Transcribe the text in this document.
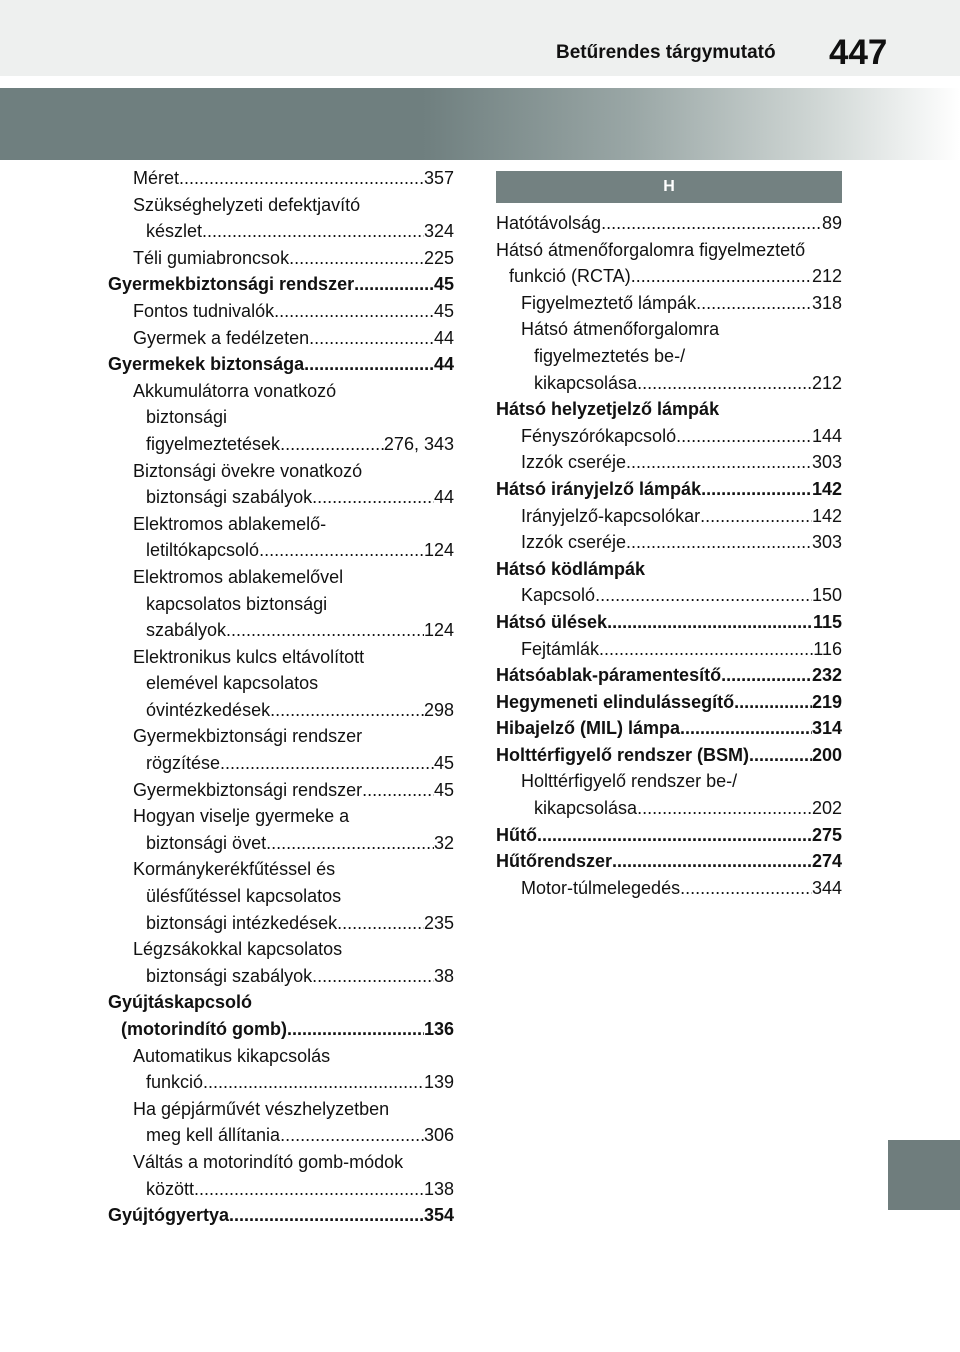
Betűrendes tárgymutató 447
Méret .....	357
Szükséghelyzeti defektjavító
készlet .....	324
Téli gumiabroncsok .....	225
Gyermekbiztonsági rendszer .....	45
Fontos tudnivalók .....	45
Gyermek a fedélzeten .....	44
Gyermekek biztonsága .....	44
Akkumulátorra vonatkozó
biztonsági
figyelmeztetések .....	276, 343
Biztonsági övekre vonatkozó
biztonsági szabályok .....	44
Elektromos ablakemelő-
letiltókapcsoló .....	124
Elektromos ablakemelővel
kapcsolatos biztonsági
szabályok .....	124
Elektronikus kulcs eltávolított
elemével kapcsolatos
óvintézkedések .....	298
Gyermekbiztonsági rendszer
rögzítése .....	45
Gyermekbiztonsági rendszer .....	45
Hogyan viselje gyermeke a
biztonsági övet .....	32
Kormánykerékfűtéssel és
ülésfűtéssel kapcsolatos
biztonsági intézkedések .....	235
Légzsákokkal kapcsolatos
biztonsági szabályok .....	38
Gyújtáskapcsoló
(motorindító gomb) .....	136
Automatikus kikapcsolás
funkció .....	139
Ha gépjárművét vészhelyzetben
meg kell állítania .....	306
Váltás a motorindító gomb-módok
között .....	138
Gyújtógyertya .....	354
H
Hatótávolság .....	89
Hátsó átmenőforgalomra figyelmeztető
funkció (RCTA) .....	212
Figyelmeztető lámpák .....	318
Hátsó átmenőforgalomra
figyelmeztetés be-/
kikapcsolása .....	212
Hátsó helyzetjelző lámpák
Fényszórókapcsoló .....	144
Izzók cseréje .....	303
Hátsó irányjelző lámpák .....	142
Irányjelző-kapcsolókar .....	142
Izzók cseréje .....	303
Hátsó ködlámpák
Kapcsoló .....	150
Hátsó ülések .....	115
Fejtámlák .....	116
Hátsóablak-páramentesítő .....	232
Hegymeneti elindulássegítő .....	219
Hibajelző (MIL) lámpa .....	314
Holttérfigyelő rendszer (BSM) .....	200
Holttérfigyelő rendszer be-/
kikapcsolása .....	202
Hűtő .....	275
Hűtőrendszer .....	274
Motor-túlmelegedés .....	344
